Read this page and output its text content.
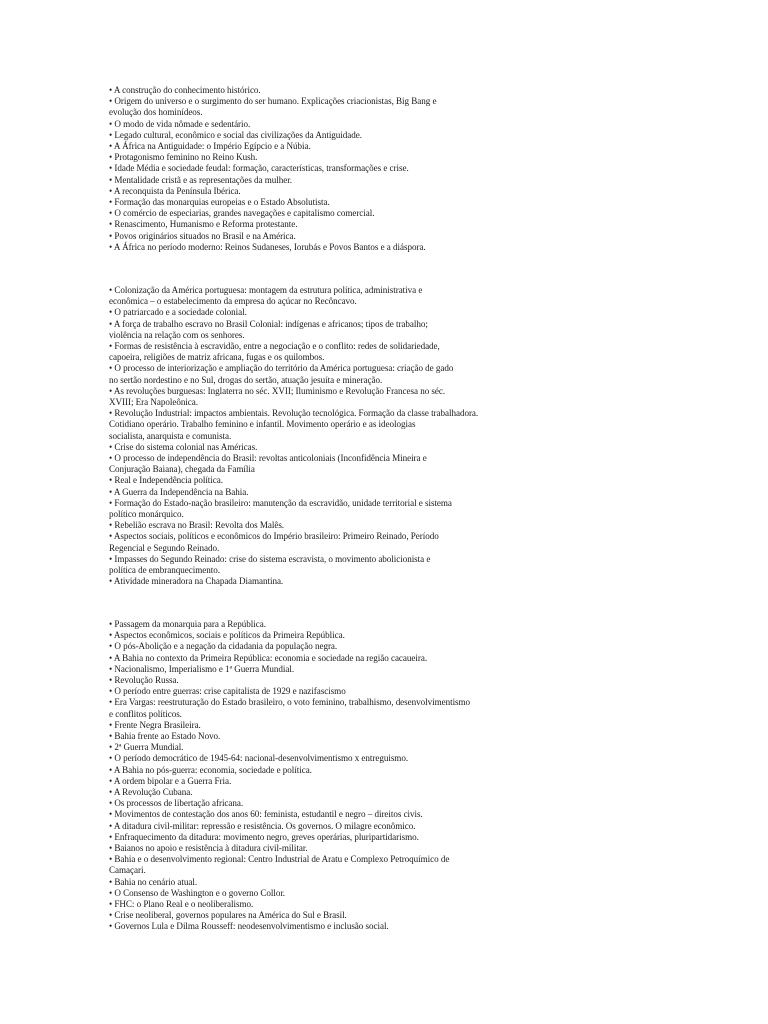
• A construção do conhecimento histórico.
• Origem do universo e o surgimento do ser humano. Explicações criacionistas, Big Bang e
evolução dos hominídeos.
• O modo de vida nômade e sedentário.
• Legado cultural, econômico e social das civilizações da Antiguidade.
• A África na Antiguidade: o Império Egípcio e a Núbia.
• Protagonismo feminino no Reino Kush.
• Idade Média e sociedade feudal: formação, características, transformações e crise.
• Mentalidade cristã e as representações da mulher.
• A reconquista da Península Ibérica.
• Formação das monarquias europeias e o Estado Absolutista.
• O comércio de especiarias, grandes navegações e capitalismo comercial.
• Renascimento, Humanismo e Reforma protestante.
• Povos originários situados no Brasil e na América.
• A África no período moderno: Reinos Sudaneses, Iorubás e Povos Bantos e a diáspora.
• Colonização da América portuguesa: montagem da estrutura política, administrativa e
econômica – o estabelecimento da empresa do açúcar no Recôncavo.
• O patriarcado e a sociedade colonial.
• A força de trabalho escravo no Brasil Colonial: indígenas e africanos; tipos de trabalho;
violência na relação com os senhores.
• Formas de resistência à escravidão, entre a negociação e o conflito: redes de solidariedade,
capoeira, religiões de matriz africana, fugas e os quilombos.
• O processo de interiorização e ampliação do território da América portuguesa: criação de gado
no sertão nordestino e no Sul, drogas do sertão, atuação jesuíta e mineração.
• As revoluções burguesas: Inglaterra no séc. XVII; Iluminismo e Revolução Francesa no séc.
XVIII; Era Napoleônica.
• Revolução Industrial: impactos ambientais. Revolução tecnológica. Formação da classe trabalhadora.
Cotidiano operário. Trabalho feminino e infantil. Movimento operário e as ideologias
socialista, anarquista e comunista.
• Crise do sistema colonial nas Américas.
• O processo de independência do Brasil: revoltas anticoloniais (Inconfidência Mineira e
Conjuração Baiana), chegada da Família
• Real e Independência política.
• A Guerra da Independência na Bahia.
• Formação do Estado-nação brasileiro: manutenção da escravidão, unidade territorial e sistema
político monárquico.
• Rebelião escrava no Brasil: Revolta dos Malês.
• Aspectos sociais, políticos e econômicos do Império brasileiro: Primeiro Reinado, Período
Regencial e Segundo Reinado.
• Impasses do Segundo Reinado: crise do sistema escravista, o movimento abolicionista e
política de embranquecimento.
• Atividade mineradora na Chapada Diamantina.
• Passagem da monarquia para a República.
• Aspectos econômicos, sociais e políticos da Primeira República.
• O pós-Abolição e a negação da cidadania da população negra.
• A Bahia no contexto da Primeira República: economia e sociedade na região cacaueira.
• Nacionalismo, Imperialismo e 1ª Guerra Mundial.
• Revolução Russa.
• O período entre guerras: crise capitalista de 1929 e nazifascismo
• Era Vargas: reestruturação do Estado brasileiro, o voto feminino, trabalhismo, desenvolvimentismo
e conflitos políticos.
• Frente Negra Brasileira.
• Bahia frente ao Estado Novo.
• 2ª Guerra Mundial.
• O período democrático de 1945-64: nacional-desenvolvimentismo x entreguismo.
• A Bahia no pós-guerra: economia, sociedade e política.
• A ordem bipolar e a Guerra Fria.
• A Revolução Cubana.
• Os processos de libertação africana.
• Movimentos de contestação dos anos 60: feminista, estudantil e negro – direitos civis.
• A ditadura civil-militar: repressão e resistência. Os governos. O milagre econômico.
• Enfraquecimento da ditadura: movimento negro, greves operárias, pluripartidarismo.
• Baianos no apoio e resistência à ditadura civil-militar.
• Bahia e o desenvolvimento regional: Centro Industrial de Aratu e Complexo Petroquímico de
Camaçari.
• Bahia no cenário atual.
• O Consenso de Washington e o governo Collor.
• FHC: o Plano Real e o neoliberalismo.
• Crise neoliberal, governos populares na América do Sul e Brasil.
• Governos Lula e Dilma Rousseff: neodesenvolvimentismo e inclusão social.
